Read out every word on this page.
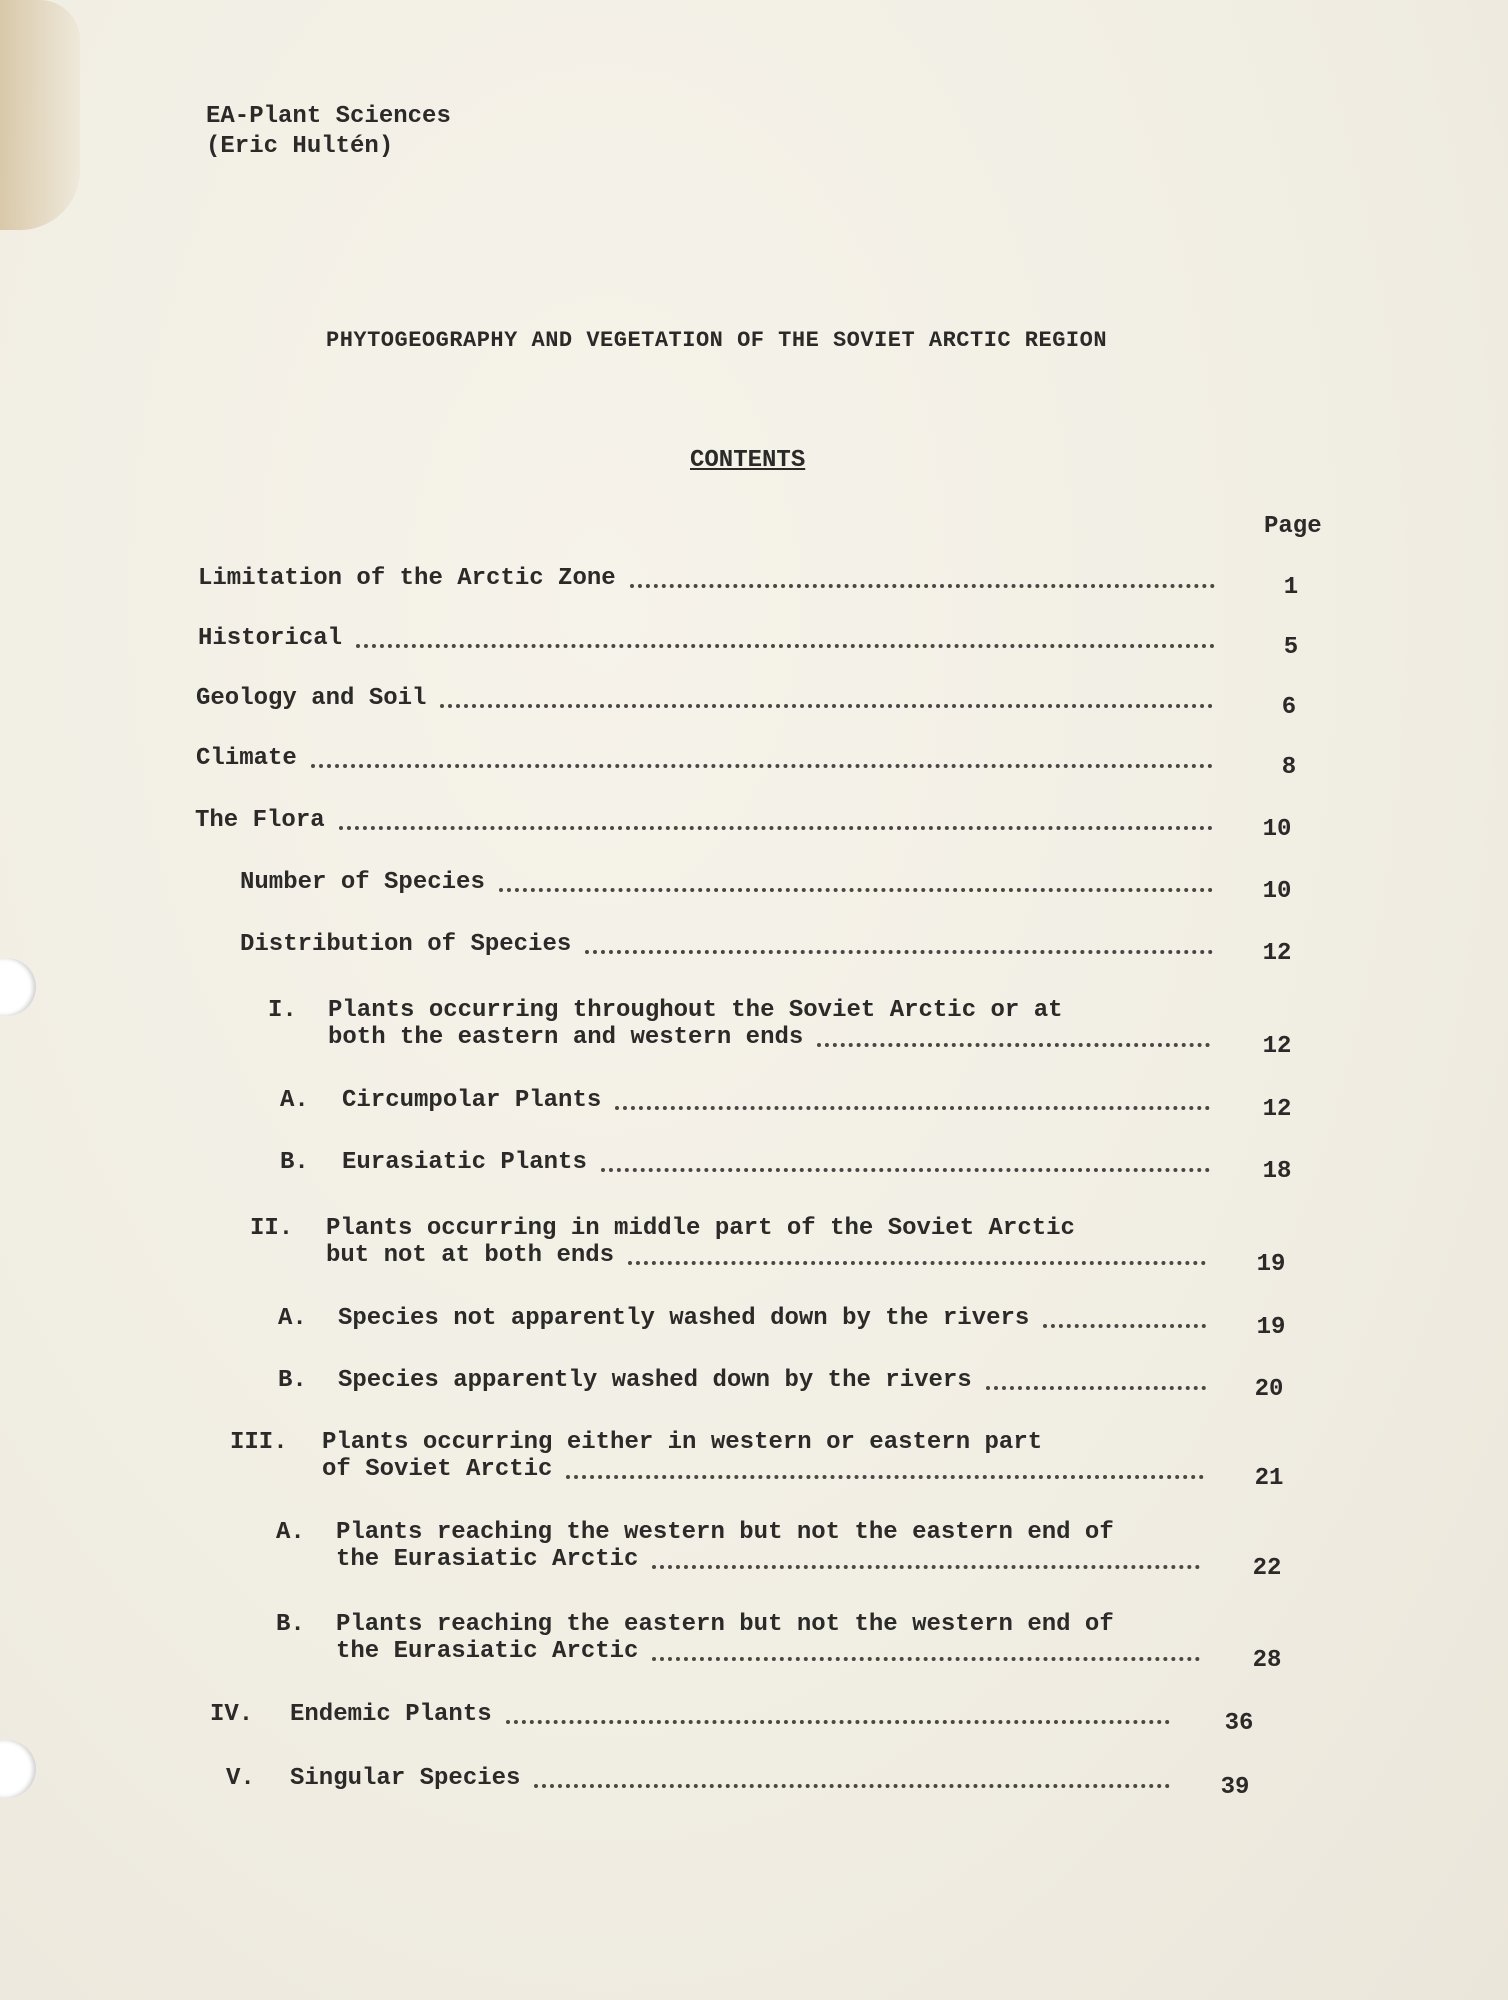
EA-Plant Sciences
(Eric Hultén)
PHYTOGEOGRAPHY AND VEGETATION OF THE SOVIET ARCTIC REGION
CONTENTS
Page
Limitation of the Arctic Zone	1
Historical	5
Geology and Soil	6
Climate	8
The Flora	10
Number of Species	10
Distribution of Species	12
I. Plants occurring throughout the Soviet Arctic or at
both the eastern and western ends	12
A. Circumpolar Plants	12
B. Eurasiatic Plants	18
II. Plants occurring in middle part of the Soviet Arctic
but not at both ends	19
A. Species not apparently washed down by the rivers	19
B. Species apparently washed down by the rivers	20
III. Plants occurring either in western or eastern part
of Soviet Arctic	21
A. Plants reaching the western but not the eastern end of
the Eurasiatic Arctic	22
B. Plants reaching the eastern but not the western end of
the Eurasiatic Arctic	28
IV. Endemic Plants	36
V. Singular Species	39
